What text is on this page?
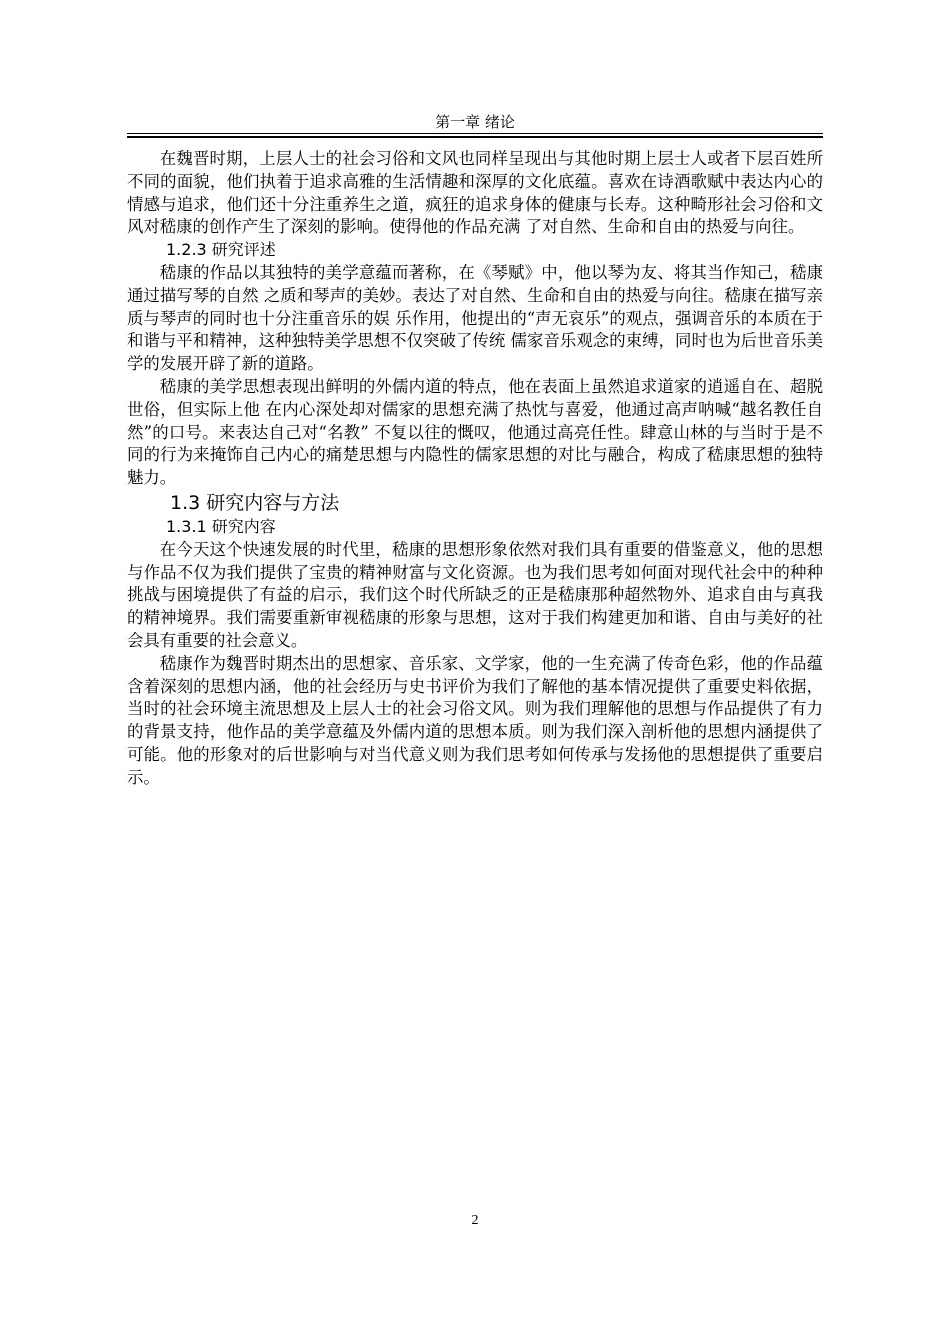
第一章 绪论

在魏晋时期，上层人士的社会习俗和文风也同样呈现出与其他时期上层士人或者下层百姓所不同的面貌，他们执着于追求高雅的生活情趣和深厚的文化底蕴。喜欢在诗酒歌赋中表达内心的情感与追求，他们还十分注重养生之道，疯狂的追求身体的健康与长寿。这种畸形社会习俗和文风对嵇康的创作产生了深刻的影响。使得他的作品充满 了对自然、生命和自由的热爱与向往。

1.2.3 研究评述

嵇康的作品以其独特的美学意蕴而著称，在《琴赋》中，他以琴为友、将其当作知己，嵇康通过描写琴的自然 之质和琴声的美妙。表达了对自然、生命和自由的热爱与向往。嵇康在描写亲质与琴声的同时也十分注重音乐的娱 乐作用，他提出的“声无哀乐”的观点，强调音乐的本质在于和谐与平和精神，这种独特美学思想不仅突破了传统 儒家音乐观念的束缚，同时也为后世音乐美学的发展开辟了新的道路。

嵇康的美学思想表现出鲜明的外儒内道的特点，他在表面上虽然追求道家的逍遥自在、超脱世俗，但实际上他 在内心深处却对儒家的思想充满了热忱与喜爱，他通过高声呐喊“越名教任自然”的口号。来表达自己对“名教” 不复以往的慨叹，他通过高亮任性。肆意山林的与当时于是不同的行为来掩饰自己内心的痛楚思想与内隐性的儒家思想的对比与融合，构成了嵇康思想的独特魅力。

1.3 研究内容与方法

1.3.1 研究内容

在今天这个快速发展的时代里，嵇康的思想形象依然对我们具有重要的借鉴意义，他的思想与作品不仅为我们提供了宝贵的精神财富与文化资源。也为我们思考如何面对现代社会中的种种挑战与困境提供了有益的启示，我们这个时代所缺乏的正是嵇康那种超然物外、追求自由与真我的精神境界。我们需要重新审视嵇康的形象与思想，这对于我们构建更加和谐、自由与美好的社会具有重要的社会意义。

嵇康作为魏晋时期杰出的思想家、音乐家、文学家，他的一生充满了传奇色彩，他的作品蕴含着深刻的思想内涵，他的社会经历与史书评价为我们了解他的基本情况提供了重要史料依据，当时的社会环境主流思想及上层人士的社会习俗文风。则为我们理解他的思想与作品提供了有力的背景支持，他作品的美学意蕴及外儒内道的思想本质。则为我们深入剖析他的思想内涵提供了可能。他的形象对的后世影响与对当代意义则为我们思考如何传承与发扬他的思想提供了重要启示。

2
